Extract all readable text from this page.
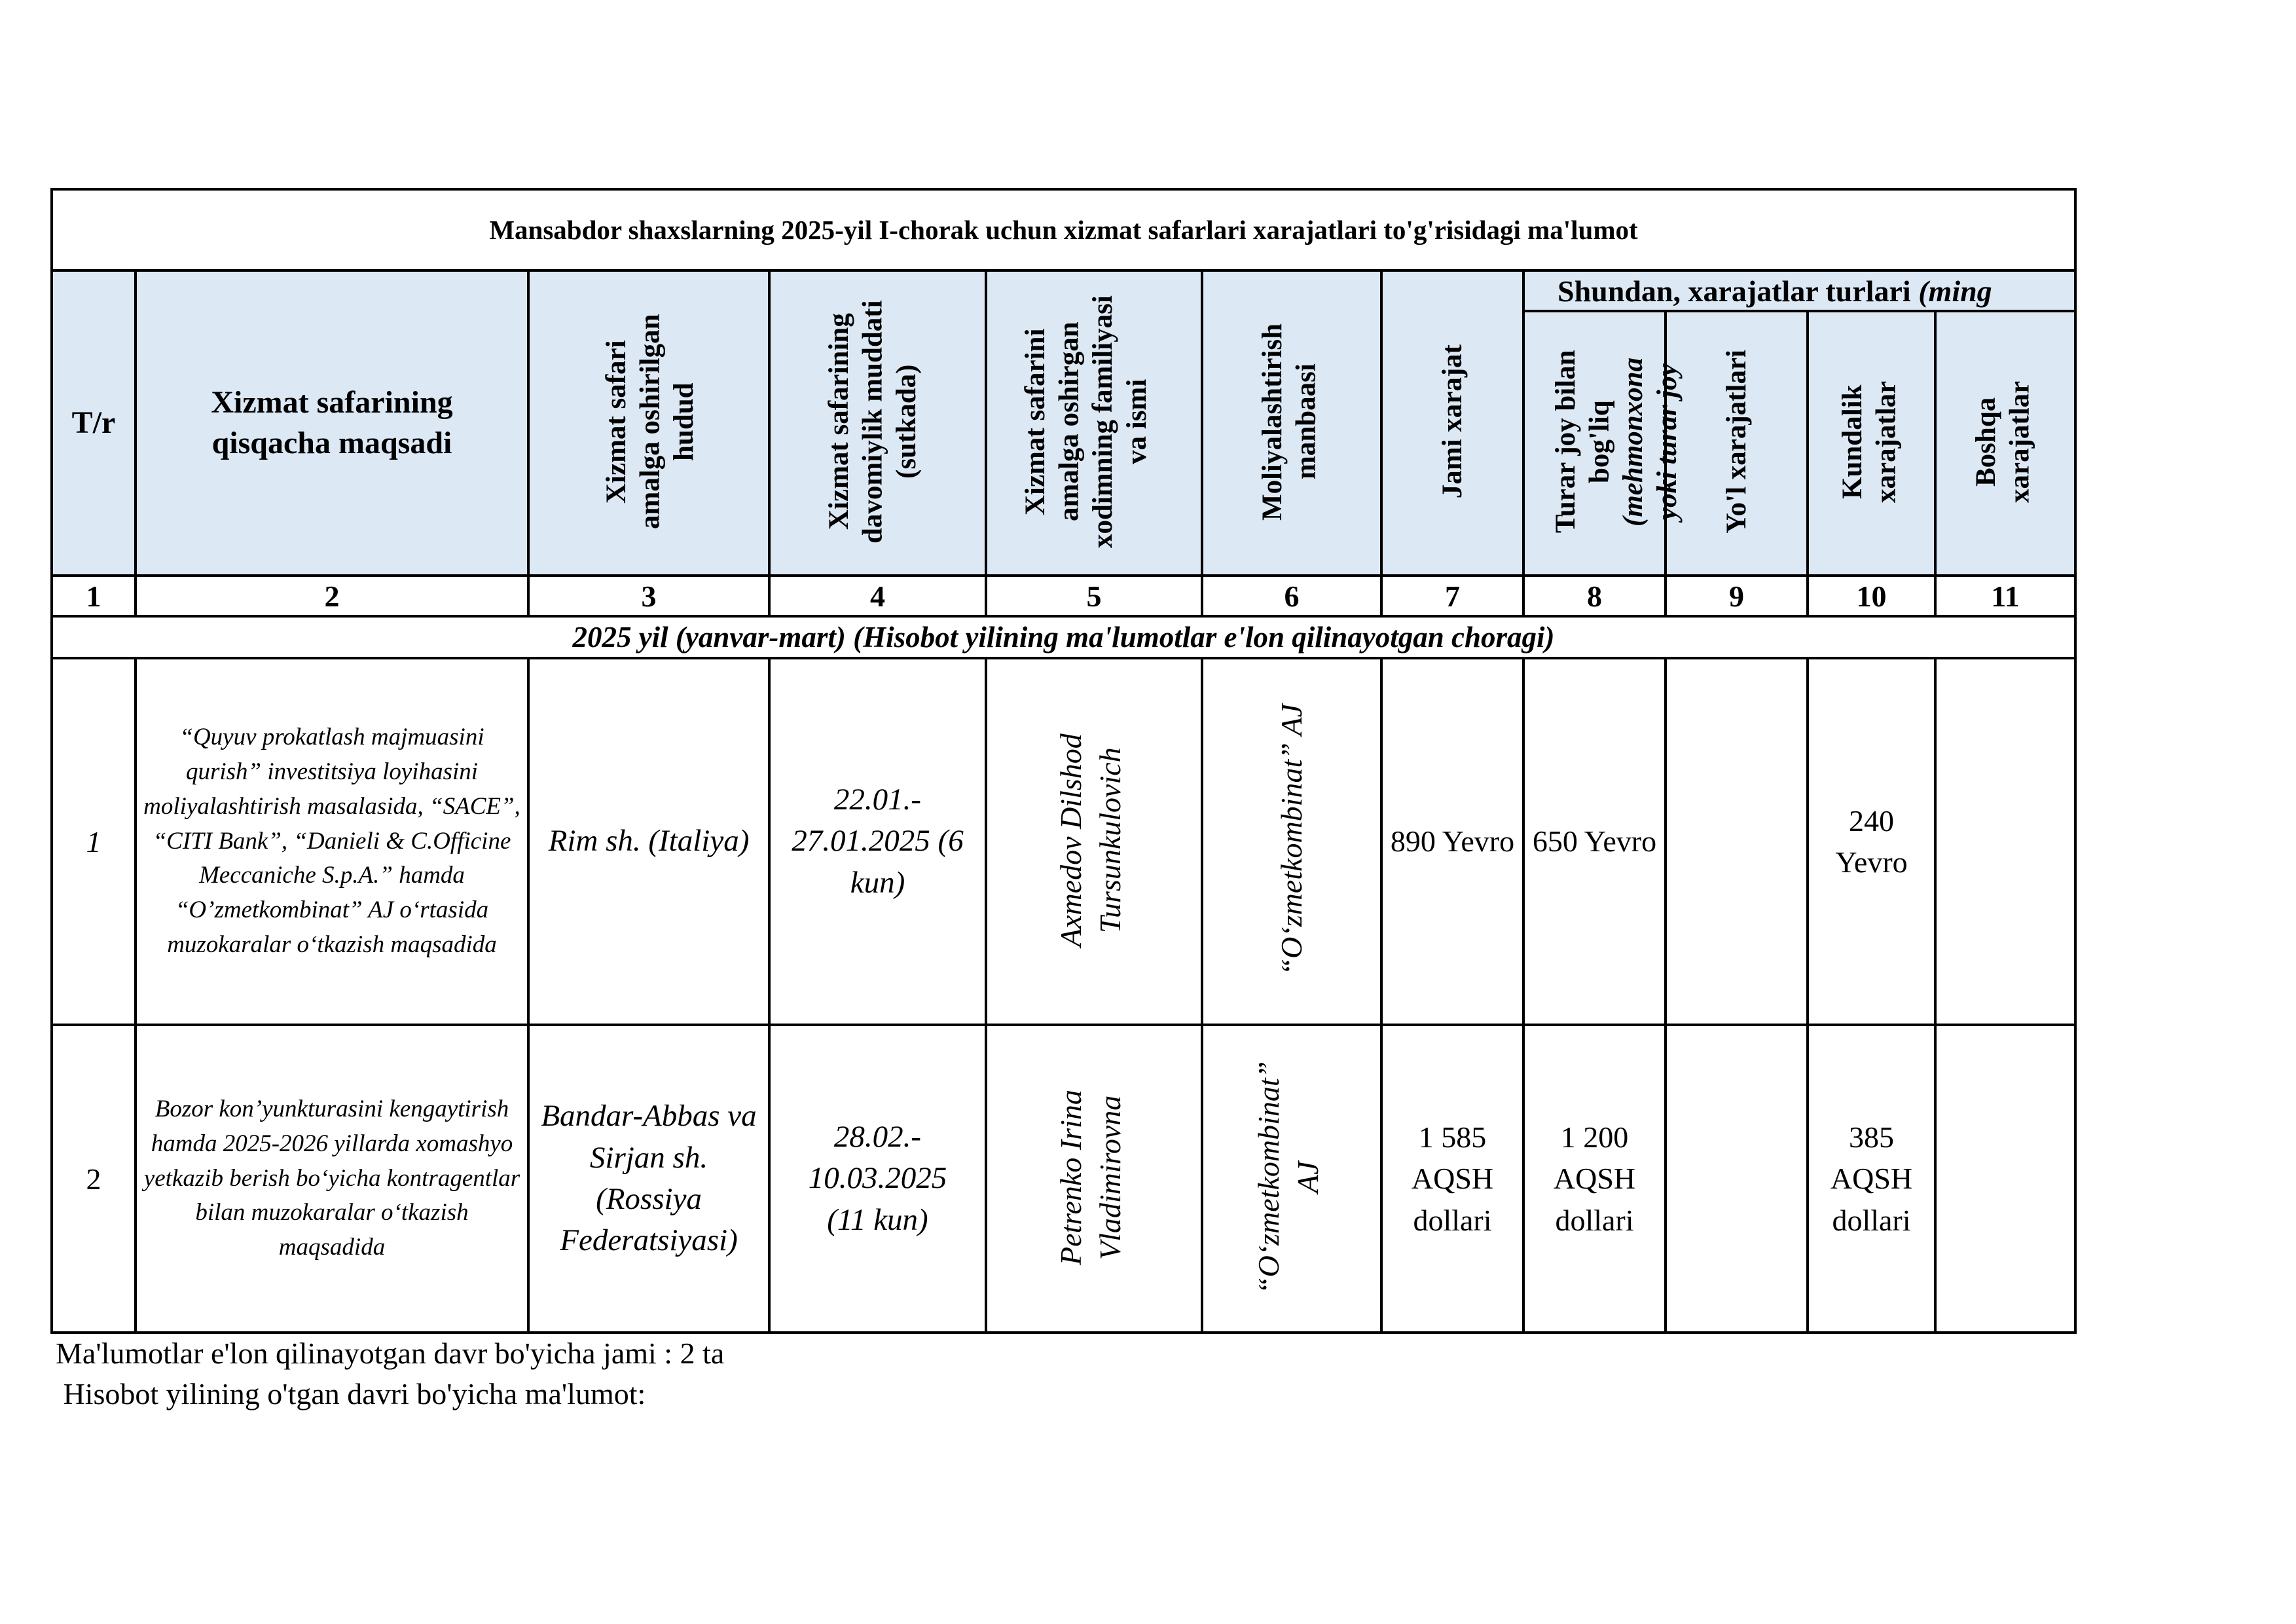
Mansabdor shaxslarning 2025-yil I-chorak uchun xizmat safarlari xarajatlari to'g'risidagi ma'lumot										
T/r	Xizmat safarining qisqacha maqsadi	Xizmat safari amalga oshirilgan hudud	Xizmat safarining davomiylik muddati (sutkada)	Xizmat safarini amalga oshirgan xodimning familiyasi va ismi	Moliyalashtirish manbaasi	Jami xarajat	Shundan, xarajatlar turlari (ming			
							Turar joy bilan bog'liq (mehmonxona yoki turar joy	Yo'l xarajatlari	Kundalik xarajatlar	Boshqa xarajatlar
1	2	3	4	5	6	7	8	9	10	11
2025 yil (yanvar-mart) (Hisobot yilining ma'lumotlar e'lon qilinayotgan choragi)										
1	“Quyuv prokatlash majmuasini qurish” investitsiya loyihasini moliyalashtirish masalasida, “SACE”, “CITI Bank”, “Danieli & C.Officine Meccaniche S.p.A.” hamda “O’zmetkombinat” AJ o‘rtasida muzokaralar o‘tkazish maqsadida	Rim sh. (Italiya)	22.01.- 27.01.2025 (6 kun)	Axmedov Dilshod Tursunkulovich	“O‘zmetkombinat” AJ	890 Yevro	650 Yevro		240 Yevro	
2	Bozor kon’yunkturasini kengaytirish hamda 2025-2026 yillarda xomashyo yetkazib berish bo‘yicha kontragentlar bilan muzokaralar o‘tkazish maqsadida	Bandar-Abbas va Sirjan sh. (Rossiya Federatsiyasi)	28.02.- 10.03.2025 (11 kun)	Petrenko Irina Vladimirovna	“O‘zmetkombinat” AJ	1 585 AQSH dollari	1 200 AQSH dollari		385 AQSH dollari	
Ma'lumotlar e'lon qilinayotgan davr bo'yicha jami : 2 ta
Hisobot yilining o'tgan davri bo'yicha ma'lumot:
